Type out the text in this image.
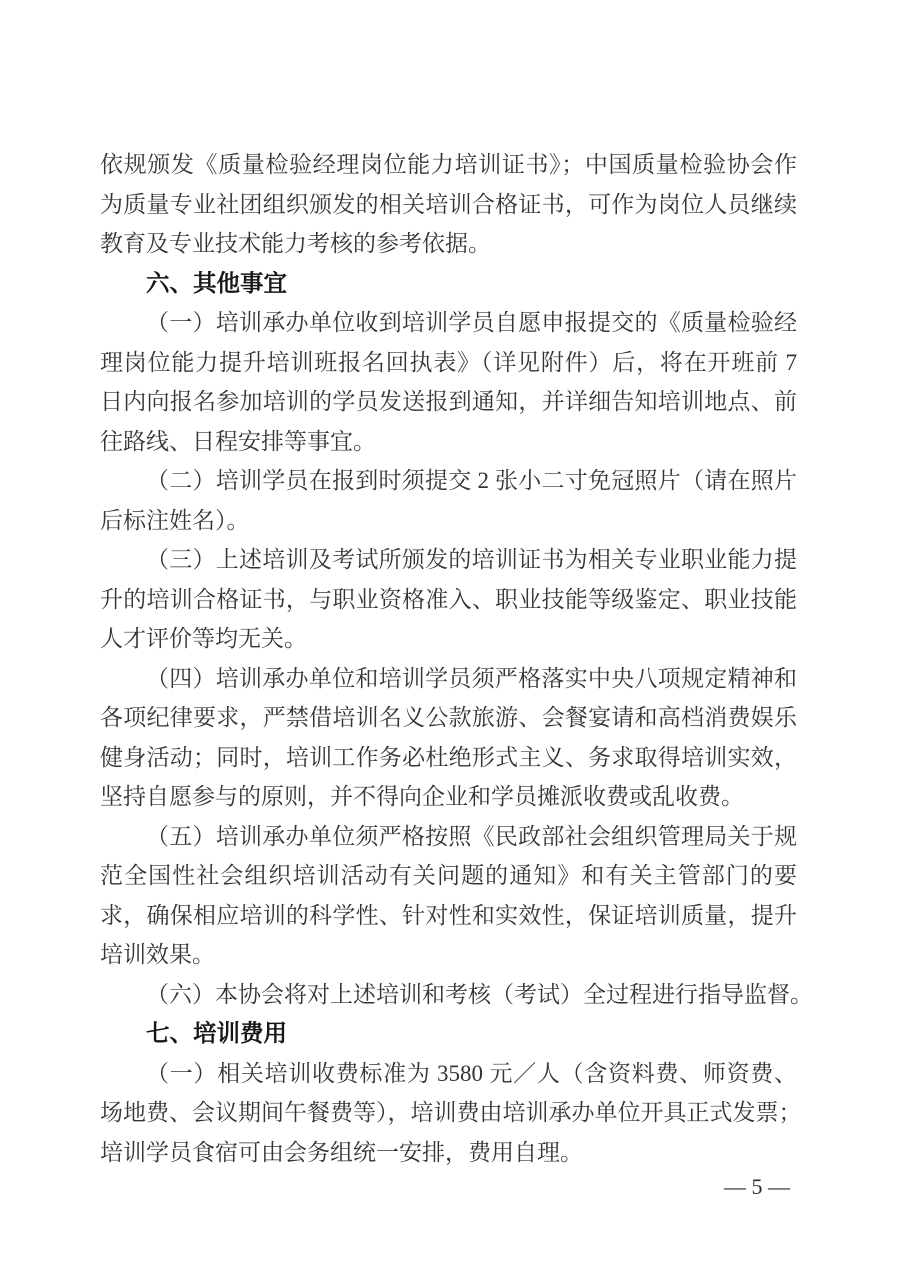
依规颁发《质量检验经理岗位能力培训证书》；中国质量检验协会作
为质量专业社团组织颁发的相关培训合格证书，可作为岗位人员继续
教育及专业技术能力考核的参考依据。
六、其他事宜
（一）培训承办单位收到培训学员自愿申报提交的《质量检验经
理岗位能力提升培训班报名回执表》（详见附件）后，将在开班前 7
日内向报名参加培训的学员发送报到通知，并详细告知培训地点、前
往路线、日程安排等事宜。
（二）培训学员在报到时须提交 2 张小二寸免冠照片（请在照片
后标注姓名）。
（三）上述培训及考试所颁发的培训证书为相关专业职业能力提
升的培训合格证书，与职业资格准入、职业技能等级鉴定、职业技能
人才评价等均无关。
（四）培训承办单位和培训学员须严格落实中央八项规定精神和
各项纪律要求，严禁借培训名义公款旅游、会餐宴请和高档消费娱乐
健身活动；同时，培训工作务必杜绝形式主义、务求取得培训实效，
坚持自愿参与的原则，并不得向企业和学员摊派收费或乱收费。
（五）培训承办单位须严格按照《民政部社会组织管理局关于规
范全国性社会组织培训活动有关问题的通知》和有关主管部门的要
求，确保相应培训的科学性、针对性和实效性，保证培训质量，提升
培训效果。
（六）本协会将对上述培训和考核（考试）全过程进行指导监督。
七、培训费用
（一）相关培训收费标准为 3580 元／人（含资料费、师资费、
场地费、会议期间午餐费等），培训费由培训承办单位开具正式发票；
培训学员食宿可由会务组统一安排，费用自理。
— 5 —
